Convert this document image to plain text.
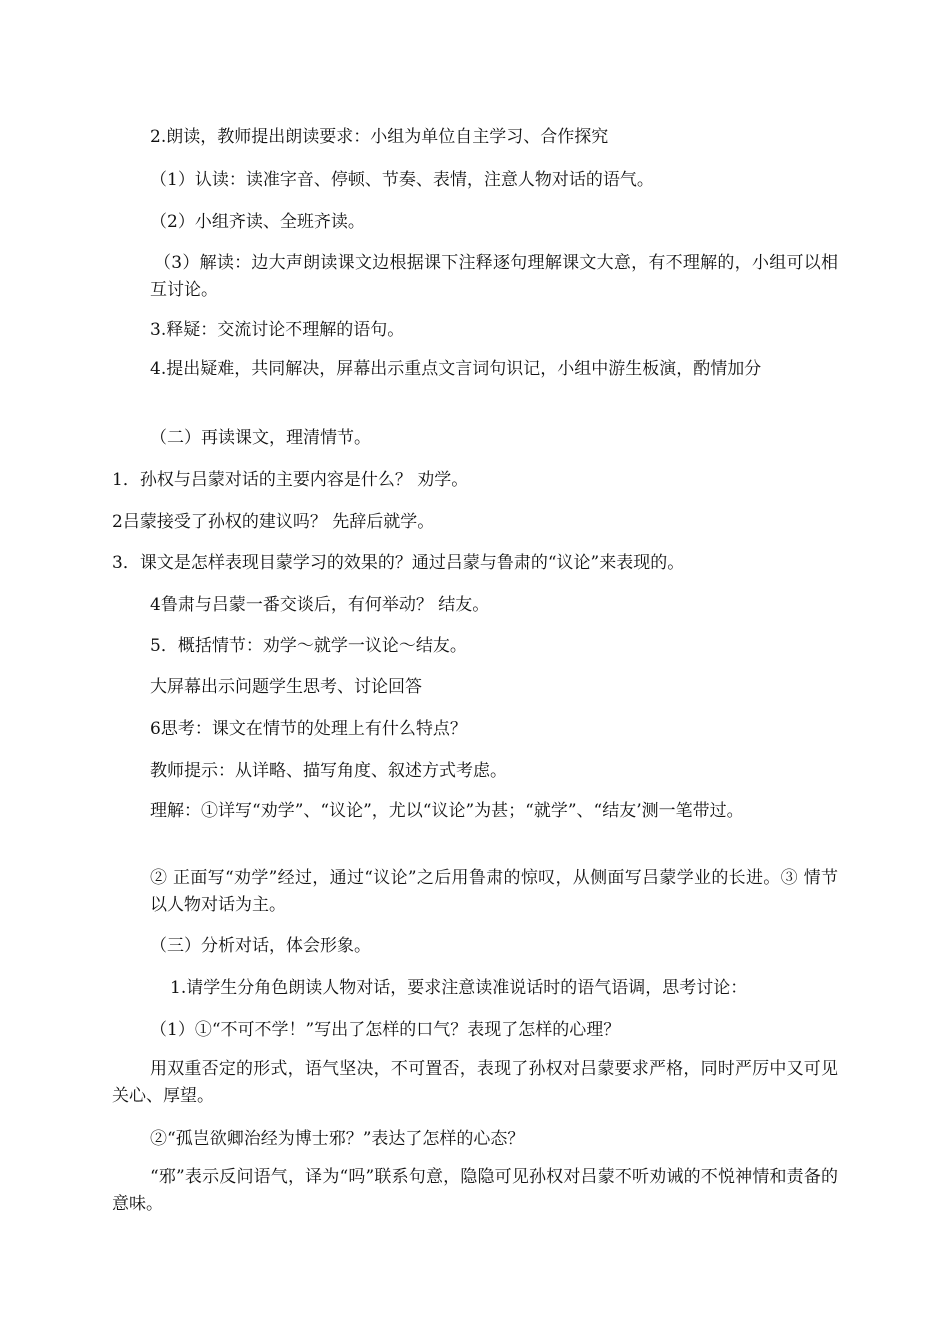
2.朗读，教师提出朗读要求：小组为单位自主学习、合作探究

（1）认读：读准字音、停顿、节奏、表情，注意人物对话的语气。

（2）小组齐读、全班齐读。

（3）解读：边大声朗读课文边根据课下注释逐句理解课文大意，有不理解的，小组可以相互讨论。

3.释疑：交流讨论不理解的语句。

4.提出疑难，共同解决，屏幕出示重点文言词句识记，小组中游生板演，酌情加分

（二）再读课文，理清情节。

1．孙权与吕蒙对话的主要内容是什么？ 劝学。

2吕蒙接受了孙权的建议吗？ 先辞后就学。

3．课文是怎样表现目蒙学习的效果的？通过吕蒙与鲁肃的“议论”来表现的。

4鲁肃与吕蒙一番交谈后，有何举动？ 结友。

5．概括情节：劝学～就学一议论～结友。

大屏幕出示问题学生思考、讨论回答

6思考：课文在情节的处理上有什么特点？

教师提示：从详略、描写角度、叙述方式考虑。

理解：①详写“劝学”、“议论”，尤以“议论”为甚；“就学”、“结友’测一笔带过。

② 正面写“劝学”经过，通过“议论”之后用鲁肃的惊叹，从侧面写吕蒙学业的长进。③ 情节以人物对话为主。

（三）分析对话，体会形象。

1.请学生分角色朗读人物对话，要求注意读准说话时的语气语调，思考讨论：

（1）①“不可不学！”写出了怎样的口气？表现了怎样的心理？

用双重否定的形式，语气坚决，不可置否，表现了孙权对吕蒙要求严格，同时严厉中又可见关心、厚望。

②“孤岂欲卿治经为博士邪？”表达了怎样的心态？

“邪”表示反问语气，译为“吗”联系句意，隐隐可见孙权对吕蒙不听劝诫的不悦神情和责备的意味。
